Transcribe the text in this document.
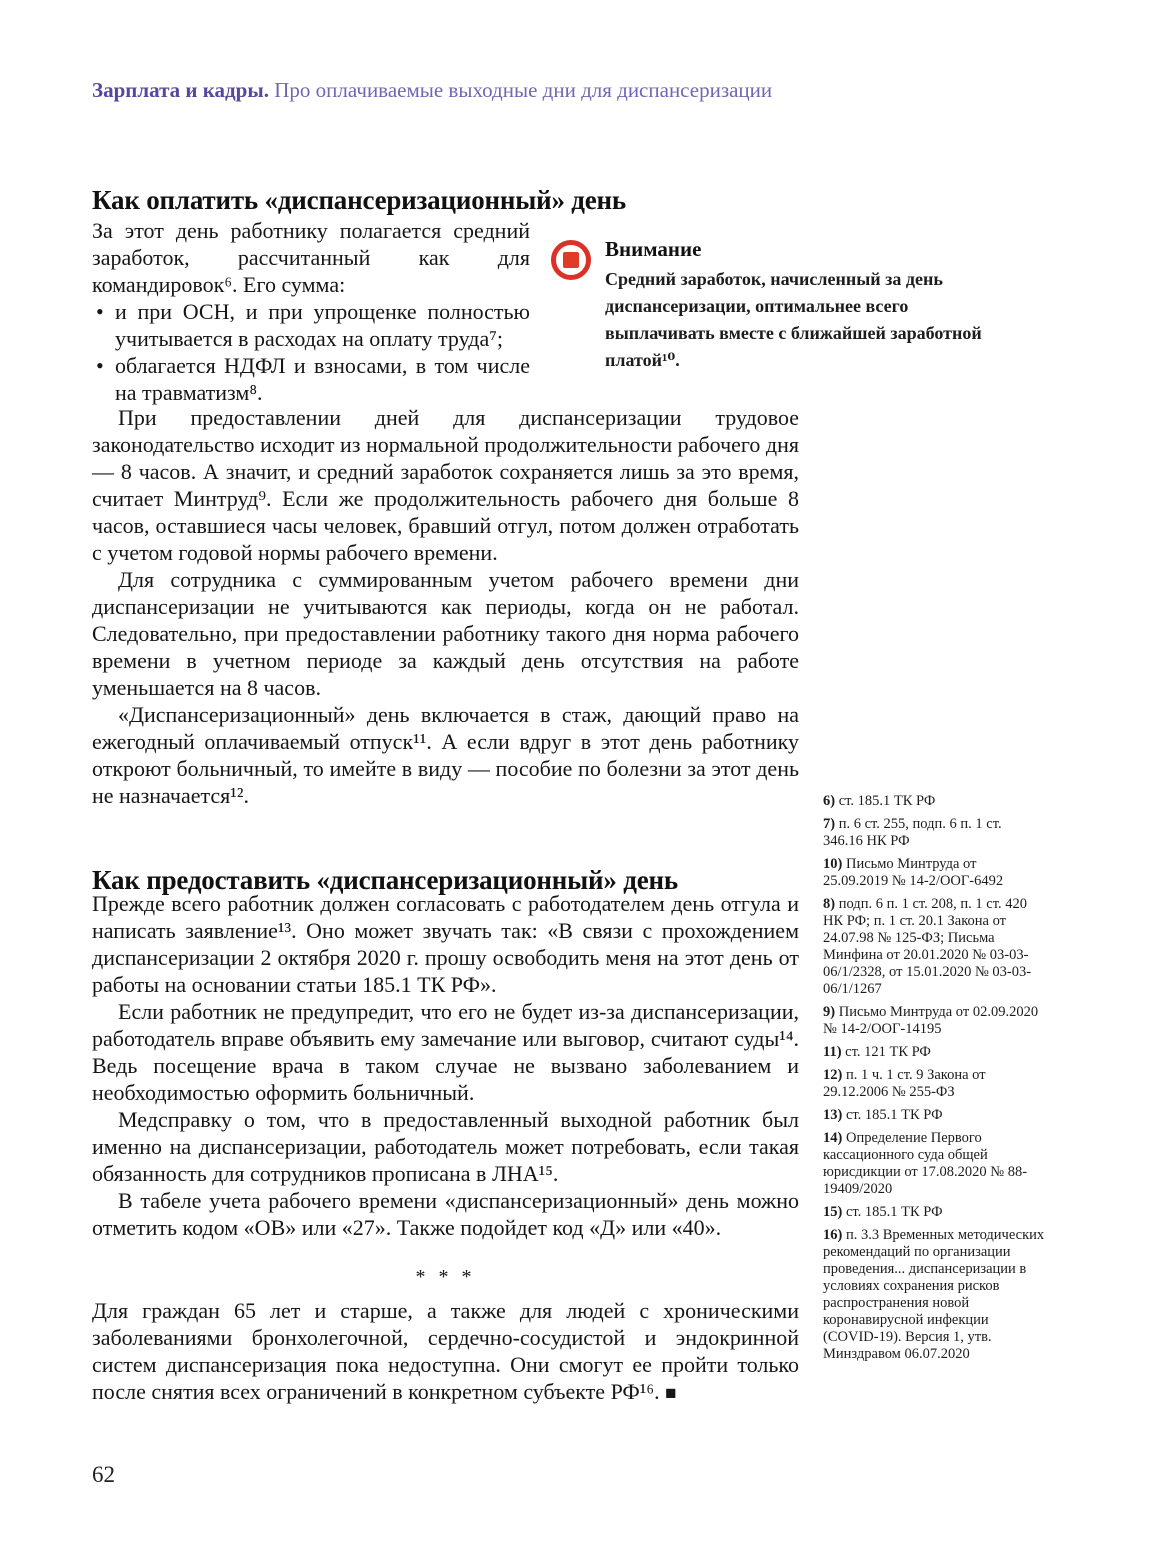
Зарплата и кадры. Про оплачиваемые выходные дни для диспансеризации
Как оплатить «диспансеризационный» день

За этот день работнику полагается средний заработок, рассчитанный как для командировок⁶. Его сумма:

• и при ОСН, и при упрощенке полностью учитывается в расходах на оплату труда⁷;
• облагается НДФЛ и взносами, в том числе на травматизм⁸.

Внимание

Средний заработок, начисленный за день диспансеризации, оптимальнее всего выплачивать вместе с ближайшей заработной платой¹⁰.

При предоставлении дней для диспансеризации трудовое законодательство исходит из нормальной продолжительности рабочего дня — 8 часов. А значит, и средний заработок сохраняется лишь за это время, считает Минтруд⁹. Если же продолжительность рабочего дня больше 8 часов, оставшиеся часы человек, бравший отгул, потом должен отработать с учетом годовой нормы рабочего времени.

Для сотрудника с суммированным учетом рабочего времени дни диспансеризации не учитываются как периоды, когда он не работал. Следовательно, при предоставлении работнику такого дня норма рабочего времени в учетном периоде за каждый день отсутствия на работе уменьшается на 8 часов.

«Диспансеризационный» день включается в стаж, дающий право на ежегодный оплачиваемый отпуск¹¹. А если вдруг в этот день работнику откроют больничный, то имейте в виду — пособие по болезни за этот день не назначается¹².

Как предоставить «диспансеризационный» день

Прежде всего работник должен согласовать с работодателем день отгула и написать заявление¹³. Оно может звучать так: «В связи с прохождением диспансеризации 2 октября 2020 г. прошу освободить меня на этот день от работы на основании статьи 185.1 ТК РФ».

Если работник не предупредит, что его не будет из-за диспансеризации, работодатель вправе объявить ему замечание или выговор, считают суды¹⁴. Ведь посещение врача в таком случае не вызвано заболеванием и необходимостью оформить больничный.

Медсправку о том, что в предоставленный выходной работник был именно на диспансеризации, работодатель может потребовать, если такая обязанность для сотрудников прописана в ЛНА¹⁵.

В табеле учета рабочего времени «диспансеризационный» день можно отметить кодом «ОВ» или «27». Также подойдет код «Д» или «40».

* * *

Для граждан 65 лет и старше, а также для людей с хроническими заболеваниями бронхолегочной, сердечно-сосудистой и эндокринной систем диспансеризация пока недоступна. Они смогут ее пройти только после снятия всех ограничений в конкретном субъекте РФ¹⁶. ■

6) ст. 185.1 ТК РФ

7) п. 6 ст. 255, подп. 6 п. 1 ст. 346.16 НК РФ

10) Письмо Минтруда от 25.09.2019 № 14-2/ООГ-6492

8) подп. 6 п. 1 ст. 208, п. 1 ст. 420 НК РФ; п. 1 ст. 20.1 Закона от 24.07.98 № 125-ФЗ; Письма Минфина от 20.01.2020 № 03-03-06/1/2328, от 15.01.2020 № 03-03-06/1/1267

9) Письмо Минтруда от 02.09.2020 № 14-2/ООГ-14195

11) ст. 121 ТК РФ

12) п. 1 ч. 1 ст. 9 Закона от 29.12.2006 № 255-ФЗ

13) ст. 185.1 ТК РФ

14) Определение Первого кассационного суда общей юрисдикции от 17.08.2020 № 88-19409/2020

15) ст. 185.1 ТК РФ

16) п. 3.3 Временных методических рекомендаций по организации проведения... диспансеризации в условиях сохранения рисков распространения новой коронавирусной инфекции (COVID-19). Версия 1, утв. Минздравом 06.07.2020

62
